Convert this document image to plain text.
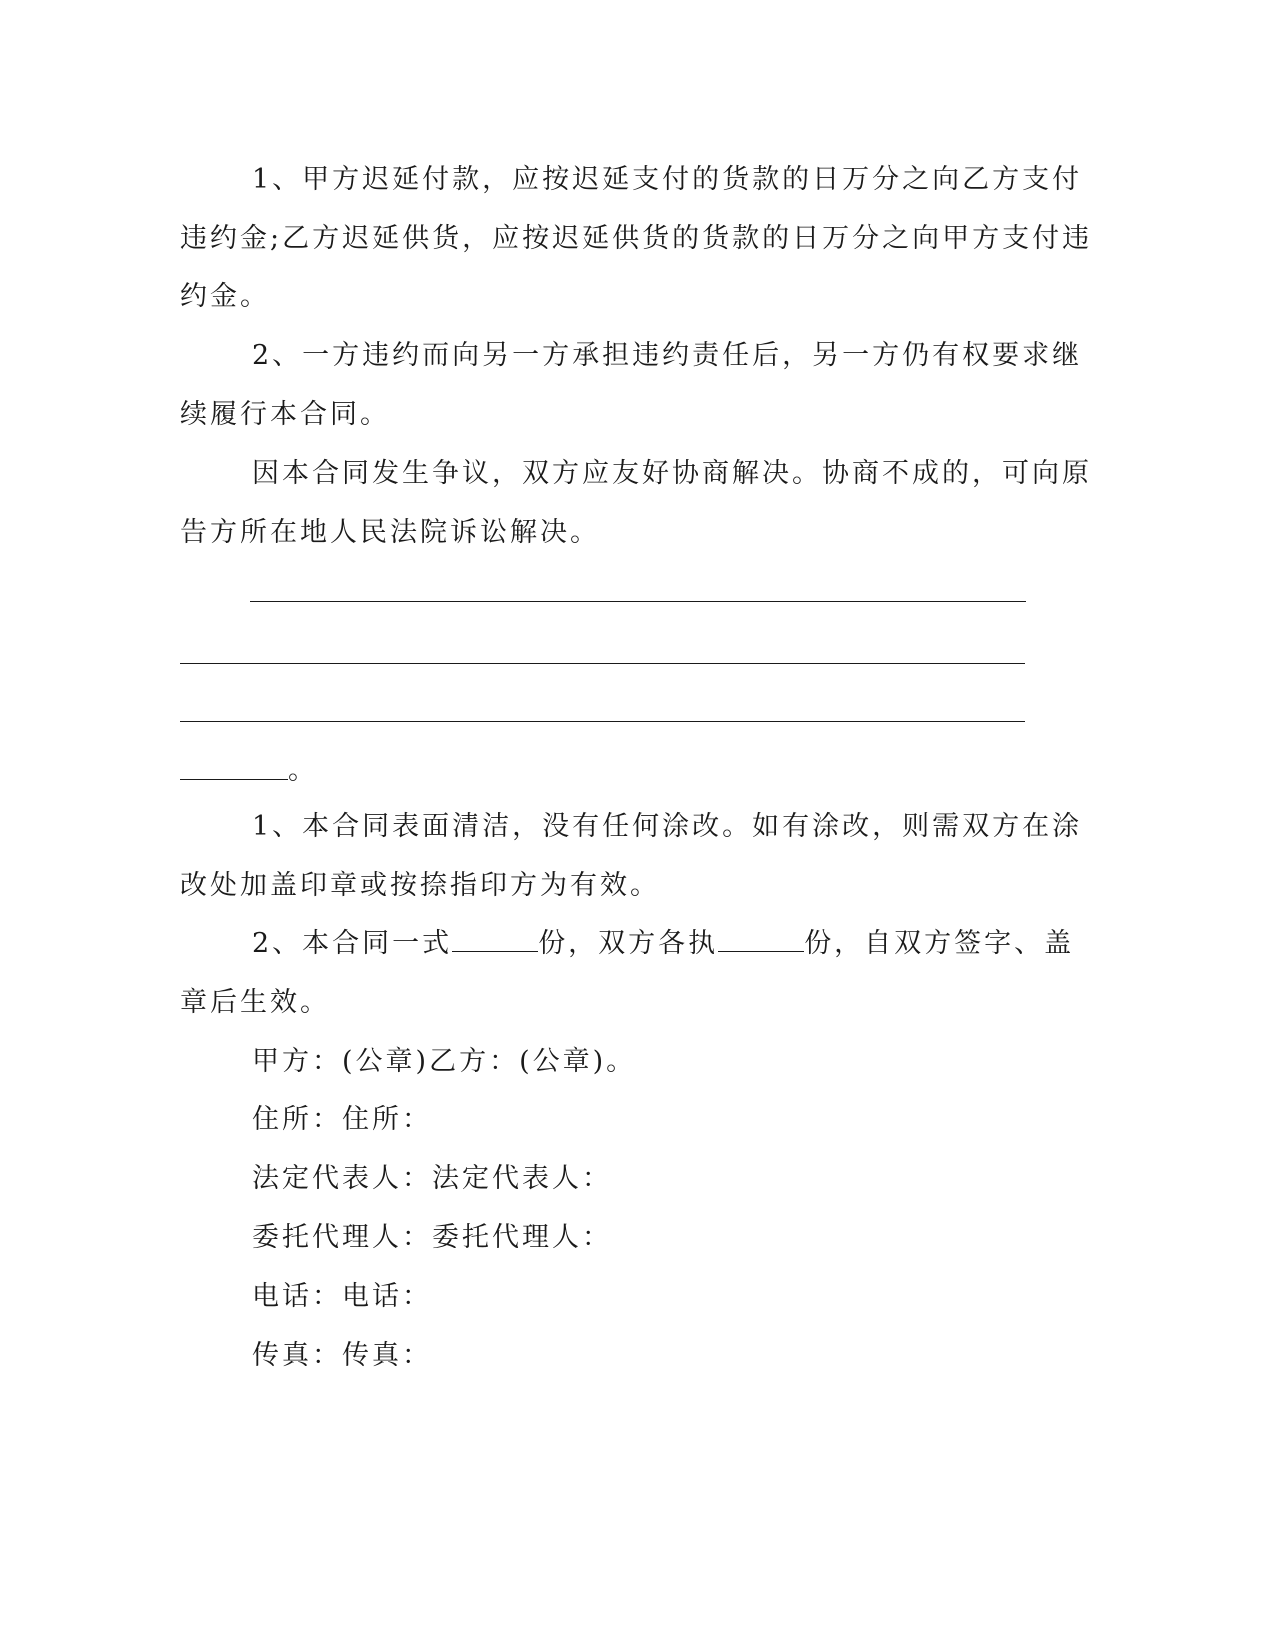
1、甲方迟延付款，应按迟延支付的货款的日万分之向乙方支付
违约金;乙方迟延供货，应按迟延供货的货款的日万分之向甲方支付违
约金。
2、一方违约而向另一方承担违约责任后，另一方仍有权要求继
续履行本合同。
因本合同发生争议，双方应友好协商解决。协商不成的，可向原
告方所在地人民法院诉讼解决。
。
1、本合同表面清洁，没有任何涂改。如有涂改，则需双方在涂
改处加盖印章或按捺指印方为有效。
2、本合同一式	份，双方各执	份，自双方签字、盖
章后生效。
甲方：(公章)乙方：(公章)。
住所：住所：
法定代表人：法定代表人：
委托代理人：委托代理人：
电话：电话：
传真：传真：
